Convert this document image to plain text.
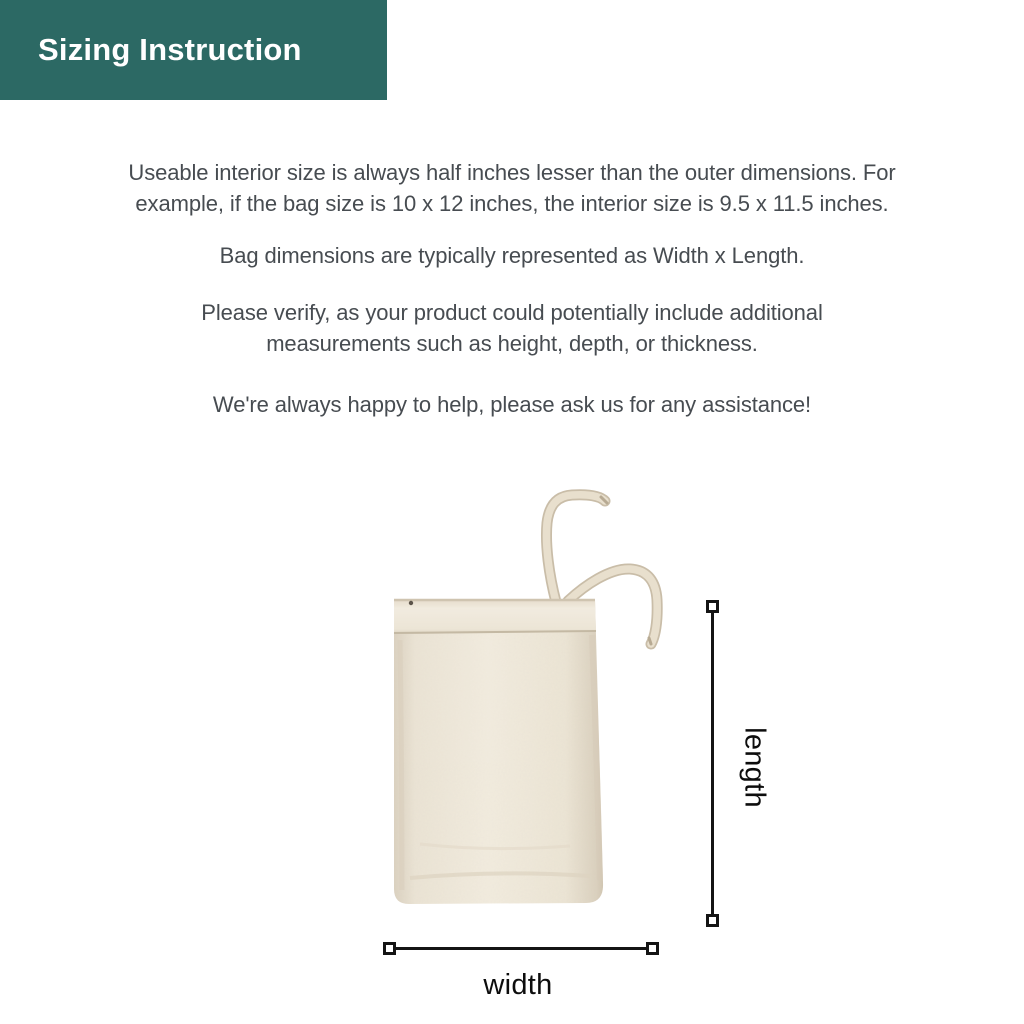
Sizing Instruction

Useable interior size is always half inches lesser than the outer dimensions. For
example, if the bag size is 10 x 12 inches, the interior size is 9.5 x 11.5 inches.

Bag dimensions are typically represented as Width x Length.

Please verify, as your product could potentially include additional
measurements such as height, depth, or thickness.

We're always happy to help, please ask us for any assistance!

length
width
